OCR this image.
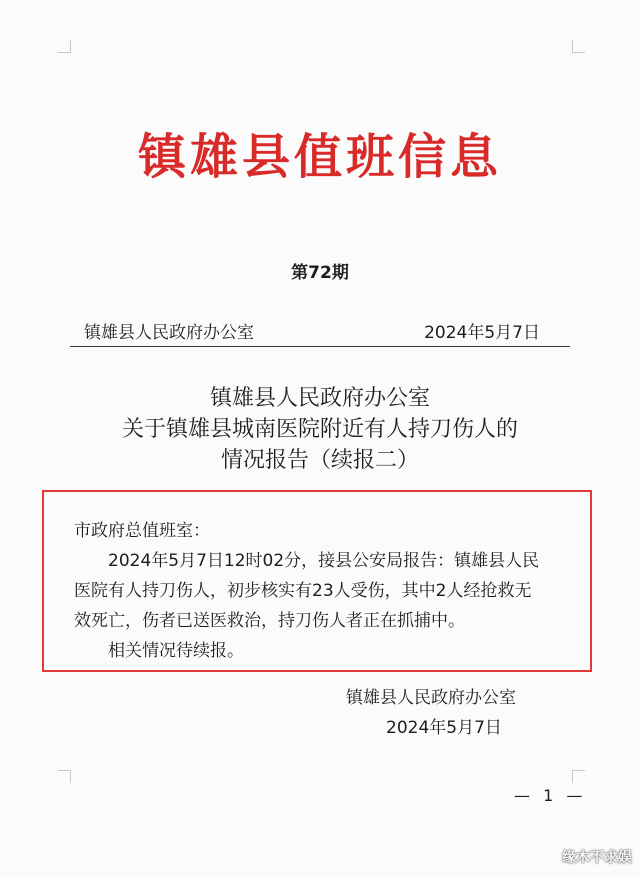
镇雄县值班信息
第72期
镇雄县人民政府办公室	2024年5月7日
镇雄县人民政府办公室
关于镇雄县城南医院附近有人持刀伤人的
情况报告（续报二）

市政府总值班室：

2024年5月7日12时02分，接县公安局报告：镇雄县人民

医院有人持刀伤人，初步核实有23人受伤，其中2人经抢救无

效死亡，伤者已送医救治，持刀伤人者正在抓捕中。

相关情况待续报。

镇雄县人民政府办公室
2024年5月7日
— 1 —
缘木不求娱
